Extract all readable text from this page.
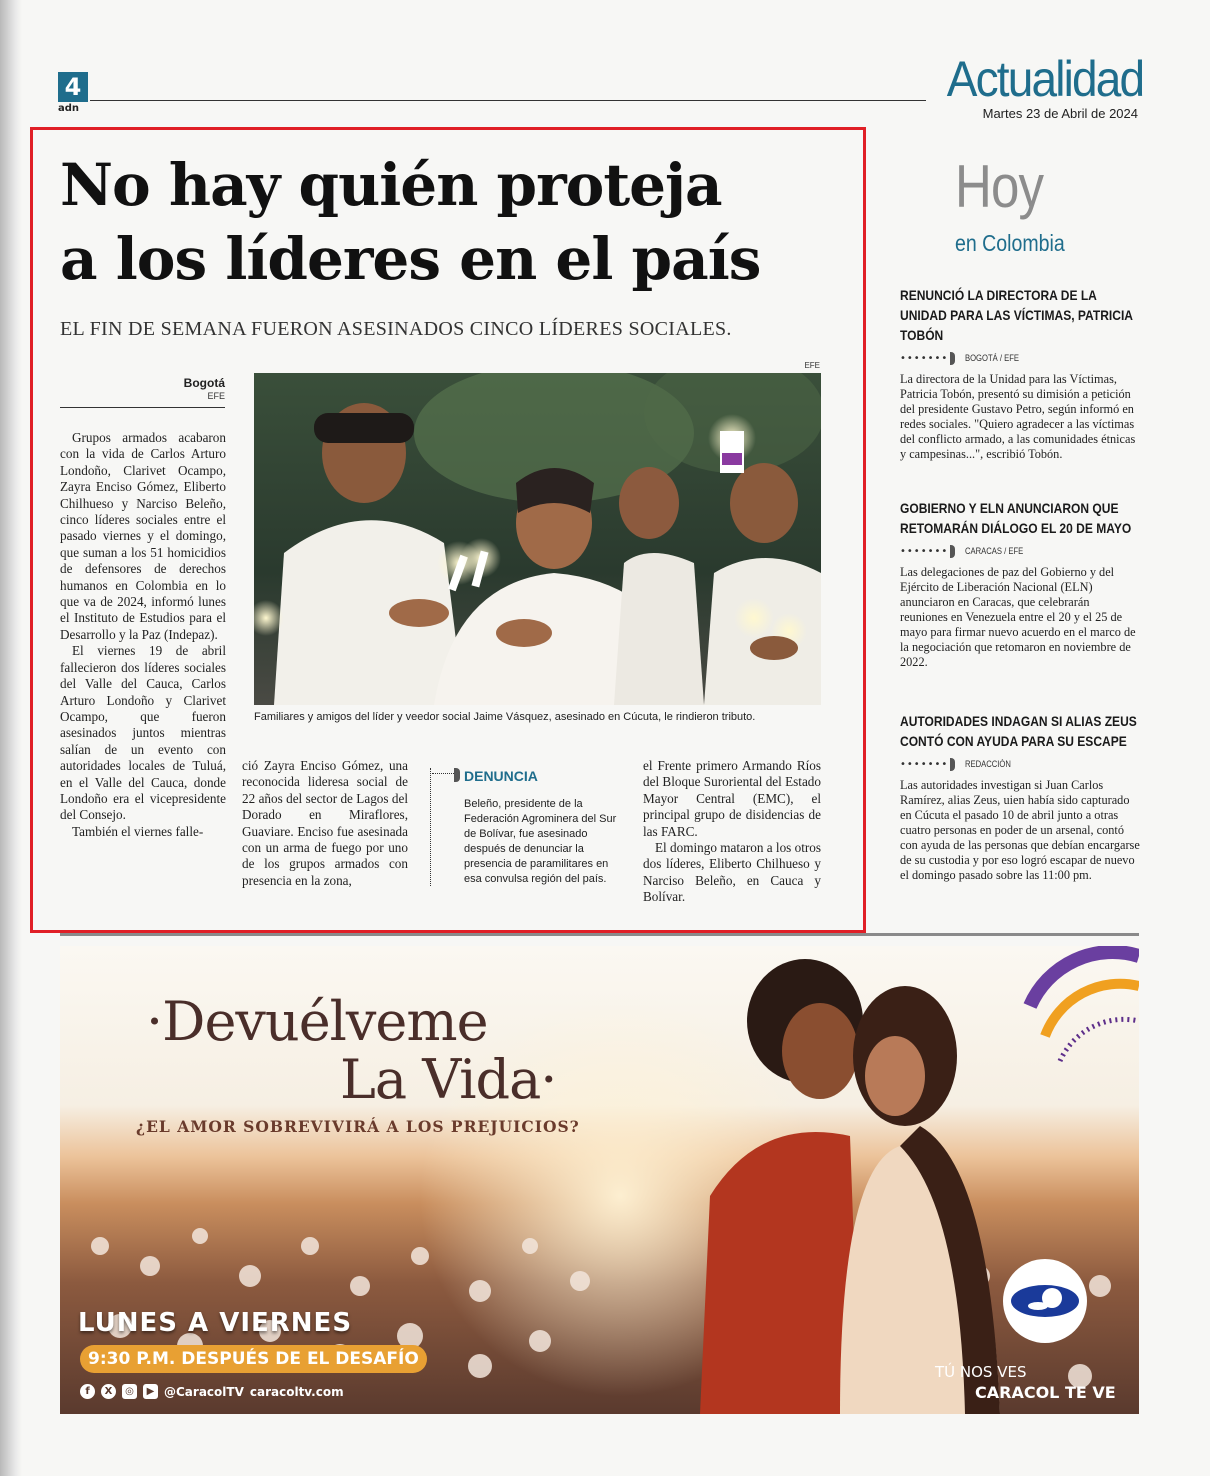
4
adn
Actualidad
Martes 23 de Abril de 2024
No hay quién proteja
a los líderes en el país
EL FIN DE SEMANA FUERON ASESINADOS CINCO LÍDERES SOCIALES.
Bogotá
EFE
EFE
Familiares y amigos del líder y veedor social Jaime Vásquez, asesinado en Cúcuta, le rindieron tributo.

Grupos armados acabaron con la vida de Carlos Arturo Londoño, Clarivet Ocampo, Zayra Enciso Gómez, Eliberto Chilhueso y Narciso Beleño, cinco líderes sociales entre el pasado viernes y el domingo, que suman a los 51 homicidios de defensores de derechos humanos en Colombia en lo que va de 2024, informó lunes el Instituto de Estudios para el Desarrollo y la Paz (Indepaz).

El viernes 19 de abril fallecieron dos líderes sociales del Valle del Cauca, Carlos Arturo Londoño y Clarivet Ocampo, que fueron asesinados juntos mientras salían de un evento con autoridades locales de Tuluá, en el Valle del Cauca, donde Londoño era el vicepresidente del Consejo.

También el viernes falle-

ció Zayra Enciso Gómez, una reconocida lideresa social de 22 años del sector de Lagos del Dorado en Miraflores, Guaviare. Enciso fue asesinada con un arma de fuego por uno de los grupos armados con presencia en la zona,

DENUNCIA
Beleño, presidente de la Federación Agrominera del Sur de Bolívar, fue asesinado después de denunciar la presencia de paramilitares en esa convulsa región del país.

el Frente primero Armando Ríos del Bloque Suroriental del Estado Mayor Central (EMC), el principal grupo de disidencias de las FARC.

El domingo mataron a los otros dos líderes, Eliberto Chilhueso y Narciso Beleño, en Cauca y Bolívar.

Hoy
en Colombia
RENUNCIÓ LA DIRECTORA DE LA UNIDAD PARA LAS VÍCTIMAS, PATRICIA TOBÓN
••••••• BOGOTÁ / EFE
La directora de la Unidad para las Víctimas, Patricia Tobón, presentó su dimisión a petición del presidente Gustavo Petro, según informó en redes sociales. "Quiero agradecer a las víctimas del conflicto armado, a las comunidades étnicas y campesinas...", escribió Tobón.
GOBIERNO Y ELN ANUNCIARON QUE RETOMARÁN DIÁLOGO EL 20 DE MAYO
••••••• CARACAS / EFE
Las delegaciones de paz del Gobierno y del Ejército de Liberación Nacional (ELN) anunciaron en Caracas, que celebrarán reuniones en Venezuela entre el 20 y el 25 de mayo para firmar nuevo acuerdo en el marco de la negociación que retomaron en noviembre de 2022.
AUTORIDADES INDAGAN SI ALIAS ZEUS CONTÓ CON AYUDA PARA SU ESCAPE
••••••• REDACCIÓN
Las autoridades investigan si Juan Carlos Ramírez, alias Zeus, uien había sido capturado en Cúcuta el pasado 10 de abril junto a otras cuatro personas en poder de un arsenal, contó con ayuda de las personas que debían encargarse de su custodia y por eso logró escapar de nuevo el domingo pasado sobre las 11:00 pm.
·Devuélveme
La Vida·
¿EL AMOR SOBREVIVIRÁ A LOS PREJUICIOS?
LUNES A VIERNES
9:30 P.M. DESPUÉS DE EL DESAFÍO
f	X	◎	▶ @CaracolTV caracoltv.com
TÚ NOS VES
CARACOL TE VE
